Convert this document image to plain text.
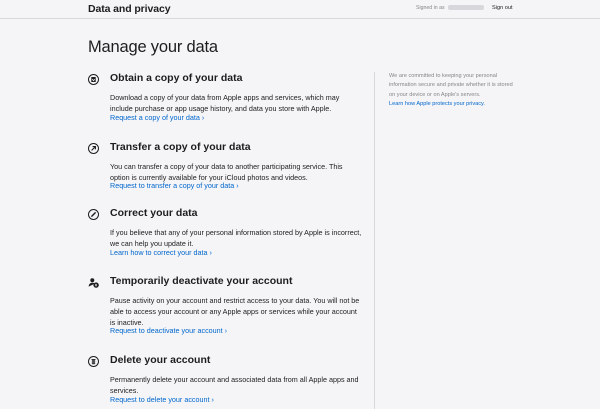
Data and privacy	Signed in as	Sign out
Manage your data
Obtain a copy of your data

Download a copy of your data from Apple apps and services, which may include purchase or app usage history, and data you store with Apple.

Request a copy of your data ›
Transfer a copy of your data

You can transfer a copy of your data to another participating service. This option is currently available for your iCloud photos and videos.

Request to transfer a copy of your data ›
Correct your data

If you believe that any of your personal information stored by Apple is incorrect, we can help you update it.

Learn how to correct your data ›
Temporarily deactivate your account

Pause activity on your account and restrict access to your data. You will not be able to access your account or any Apple apps or services while your account is inactive.

Request to deactivate your account ›
Delete your account

Permanently delete your account and associated data from all Apple apps and services.

Request to delete your account ›

We are committed to keeping your personal information secure and private whether it is stored on your device or on Apple's servers.

Learn how Apple protects your privacy.
